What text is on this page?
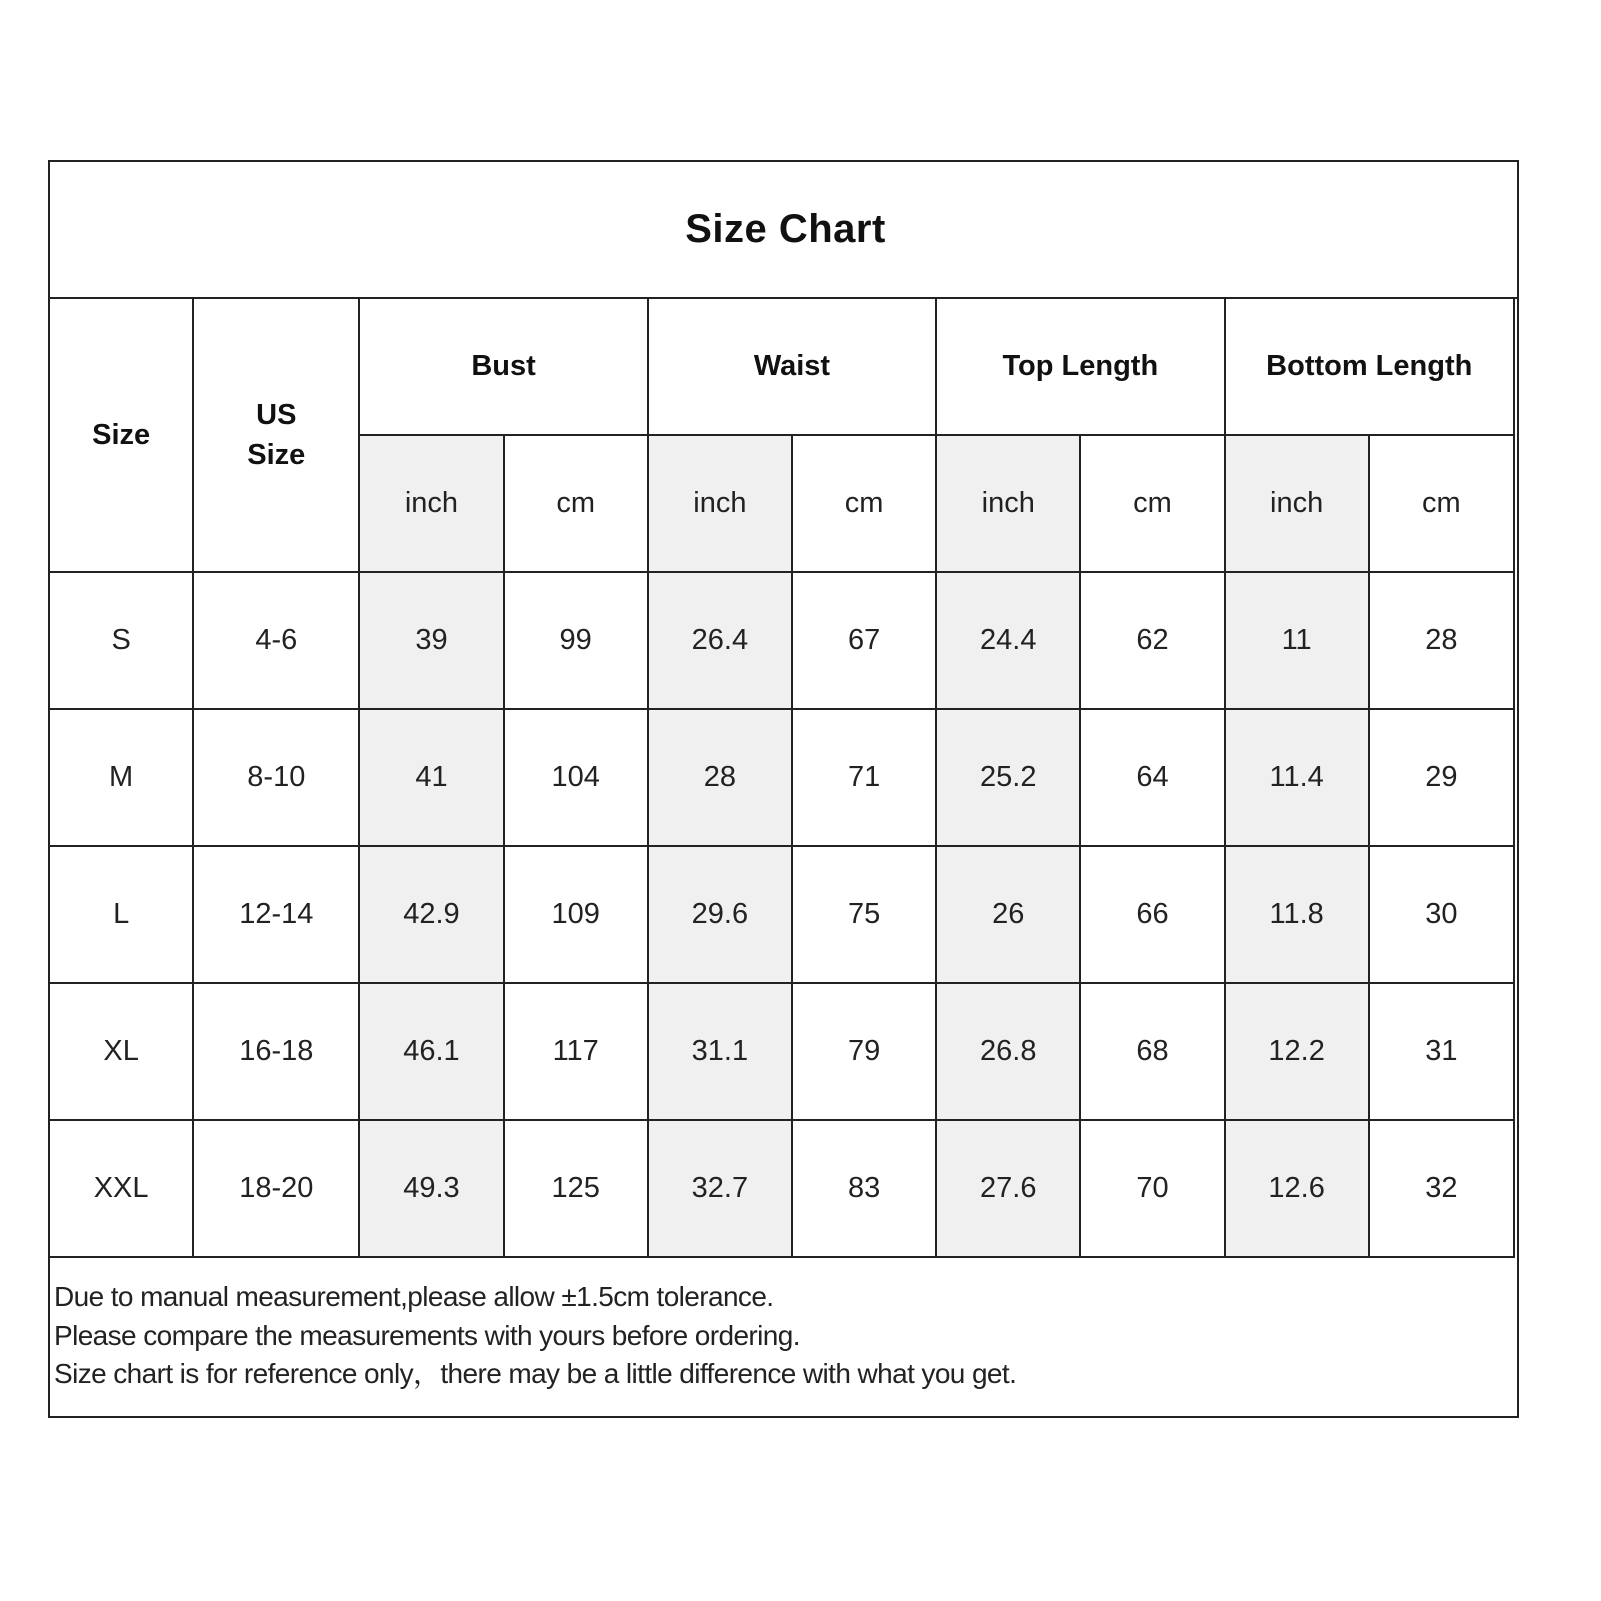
Size Chart
Size	US
Size	Bust		Waist		Top Length		Bottom Length	
		inch	cm	inch	cm	inch	cm	inch	cm
S	4-6	39	99	26.4	67	24.4	62	11	28
M	8-10	41	104	28	71	25.2	64	11.4	29
L	12-14	42.9	109	29.6	75	26	66	11.8	30
XL	16-18	46.1	117	31.1	79	26.8	68	12.2	31
XXL	18-20	49.3	125	32.7	83	27.6	70	12.6	32
Due to manual measurement,please allow ±1.5cm tolerance.
Please compare the measurements with yours before ordering.
Size chart is for reference only，there may be a little difference with what you get.
